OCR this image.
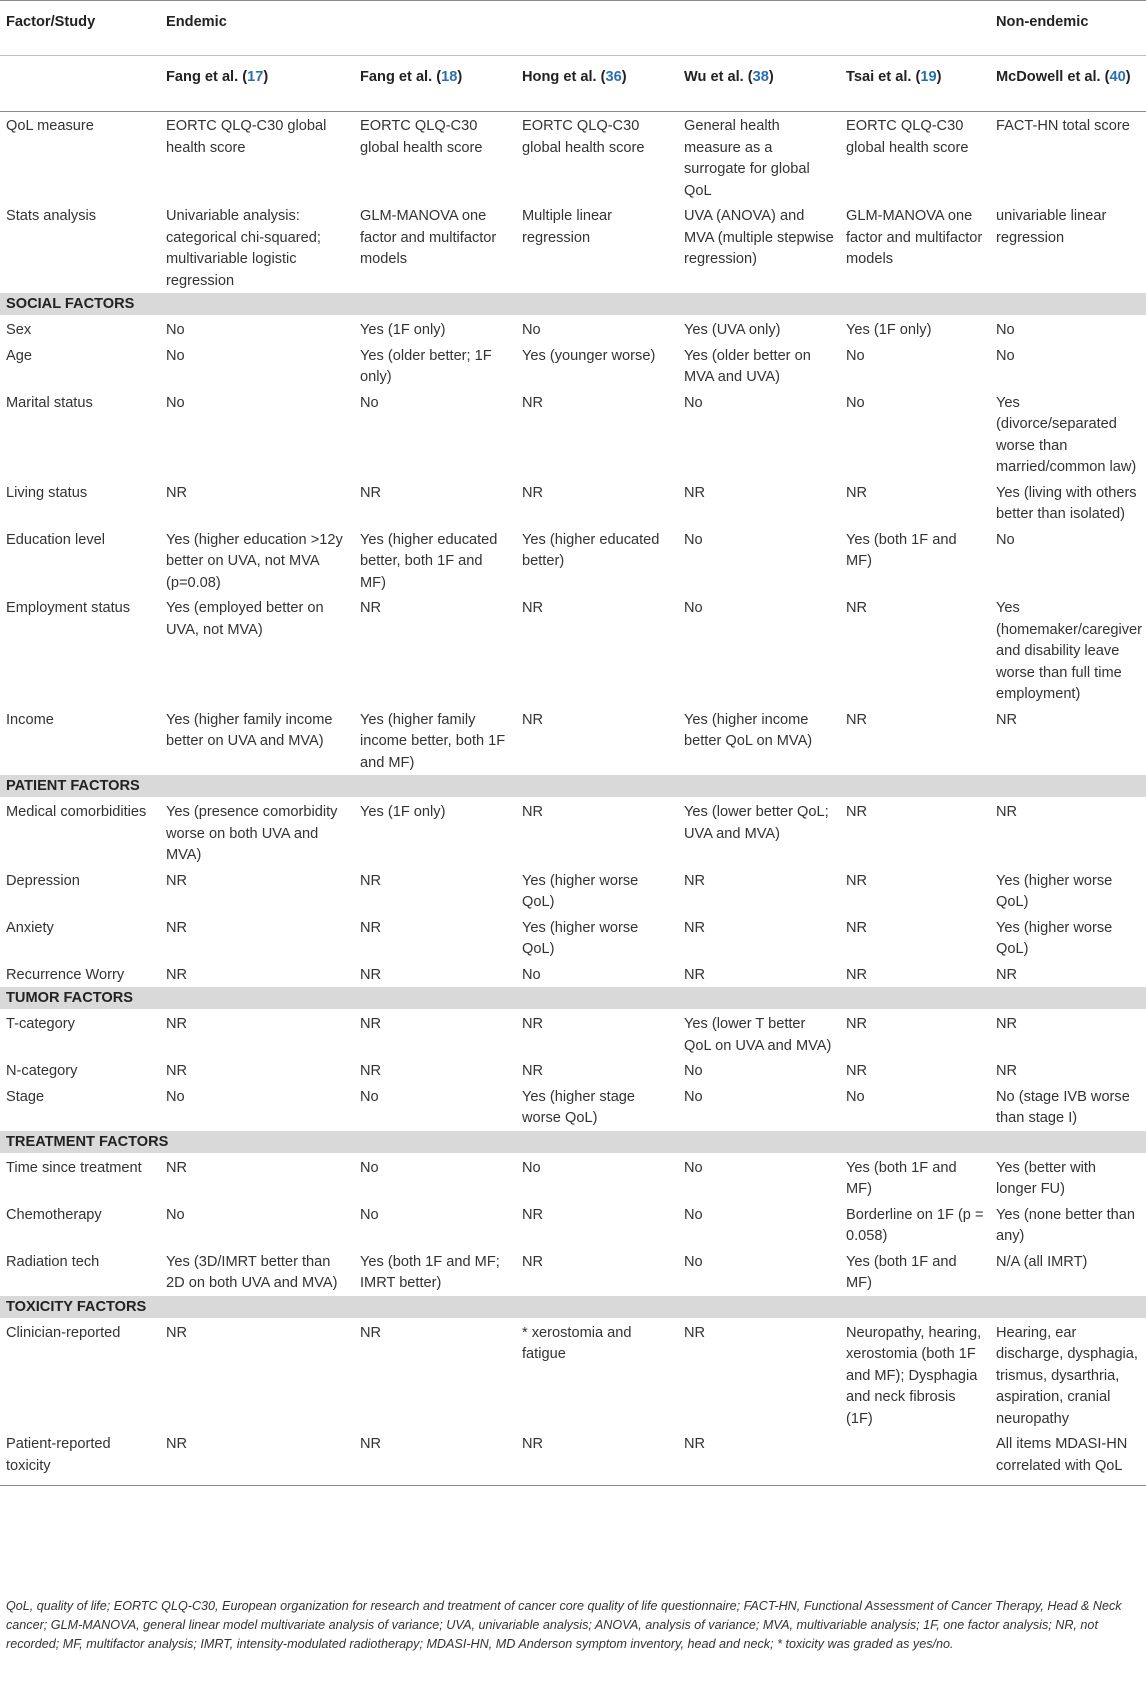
Factor/Study	Endemic					Non-endemic
	Fang et al. (17)	Fang et al. (18)	Hong et al. (36)	Wu et al. (38)	Tsai et al. (19)	McDowell et al. (40)
QoL measure	EORTC QLQ-C30 global health score	EORTC QLQ-C30 global health score	EORTC QLQ-C30 global health score	General health measure as a surrogate for global QoL	EORTC QLQ-C30 global health score	FACT-HN total score
Stats analysis	Univariable analysis: categorical chi-squared; multivariable logistic regression	GLM-MANOVA one factor and multifactor models	Multiple linear regression	UVA (ANOVA) and MVA (multiple stepwise regression)	GLM-MANOVA one factor and multifactor models	univariable linear regression
SOCIAL FACTORS						
Sex	No	Yes (1F only)	No	Yes (UVA only)	Yes (1F only)	No
Age	No	Yes (older better; 1F only)	Yes (younger worse)	Yes (older better on MVA and UVA)	No	No
Marital status	No	No	NR	No	No	Yes (divorce/separated worse than married/common law)
Living status	NR	NR	NR	NR	NR	Yes (living with others better than isolated)
Education level	Yes (higher education >12y better on UVA, not MVA (p=0.08)	Yes (higher educated better, both 1F and MF)	Yes (higher educated better)	No	Yes (both 1F and MF)	No
Employment status	Yes (employed better on UVA, not MVA)	NR	NR	No	NR	Yes (homemaker/caregiver and disability leave worse than full time employment)
Income	Yes (higher family income better on UVA and MVA)	Yes (higher family income better, both 1F and MF)	NR	Yes (higher income better QoL on MVA)	NR	NR
PATIENT FACTORS						
Medical comorbidities	Yes (presence comorbidity worse on both UVA and MVA)	Yes (1F only)	NR	Yes (lower better QoL; UVA and MVA)	NR	NR
Depression	NR	NR	Yes (higher worse QoL)	NR	NR	Yes (higher worse QoL)
Anxiety	NR	NR	Yes (higher worse QoL)	NR	NR	Yes (higher worse QoL)
Recurrence Worry	NR	NR	No	NR	NR	NR
TUMOR FACTORS						
T-category	NR	NR	NR	Yes (lower T better QoL on UVA and MVA)	NR	NR
N-category	NR	NR	NR	No	NR	NR
Stage	No	No	Yes (higher stage worse QoL)	No	No	No (stage IVB worse than stage I)
TREATMENT FACTORS						
Time since treatment	NR	No	No	No	Yes (both 1F and MF)	Yes (better with longer FU)
Chemotherapy	No	No	NR	No	Borderline on 1F (p = 0.058)	Yes (none better than any)
Radiation tech	Yes (3D/IMRT better than 2D on both UVA and MVA)	Yes (both 1F and MF; IMRT better)	NR	No	Yes (both 1F and MF)	N/A (all IMRT)
TOXICITY FACTORS						
Clinician-reported	NR	NR	* xerostomia and fatigue	NR	Neuropathy, hearing, xerostomia (both 1F and MF); Dysphagia and neck fibrosis (1F)	Hearing, ear discharge, dysphagia, trismus, dysarthria, aspiration, cranial neuropathy
Patient-reported toxicity	NR	NR	NR	NR		All items MDASI-HN correlated with QoL
QoL, quality of life; EORTC QLQ-C30, European organization for research and treatment of cancer core quality of life questionnaire; FACT-HN, Functional Assessment of Cancer Therapy, Head & Neck cancer; GLM-MANOVA, general linear model multivariate analysis of variance; UVA, univariable analysis; ANOVA, analysis of variance; MVA, multivariable analysis; 1F, one factor analysis; NR, not recorded; MF, multifactor analysis; IMRT, intensity-modulated radiotherapy; MDASI-HN, MD Anderson symptom inventory, head and neck; * toxicity was graded as yes/no.
